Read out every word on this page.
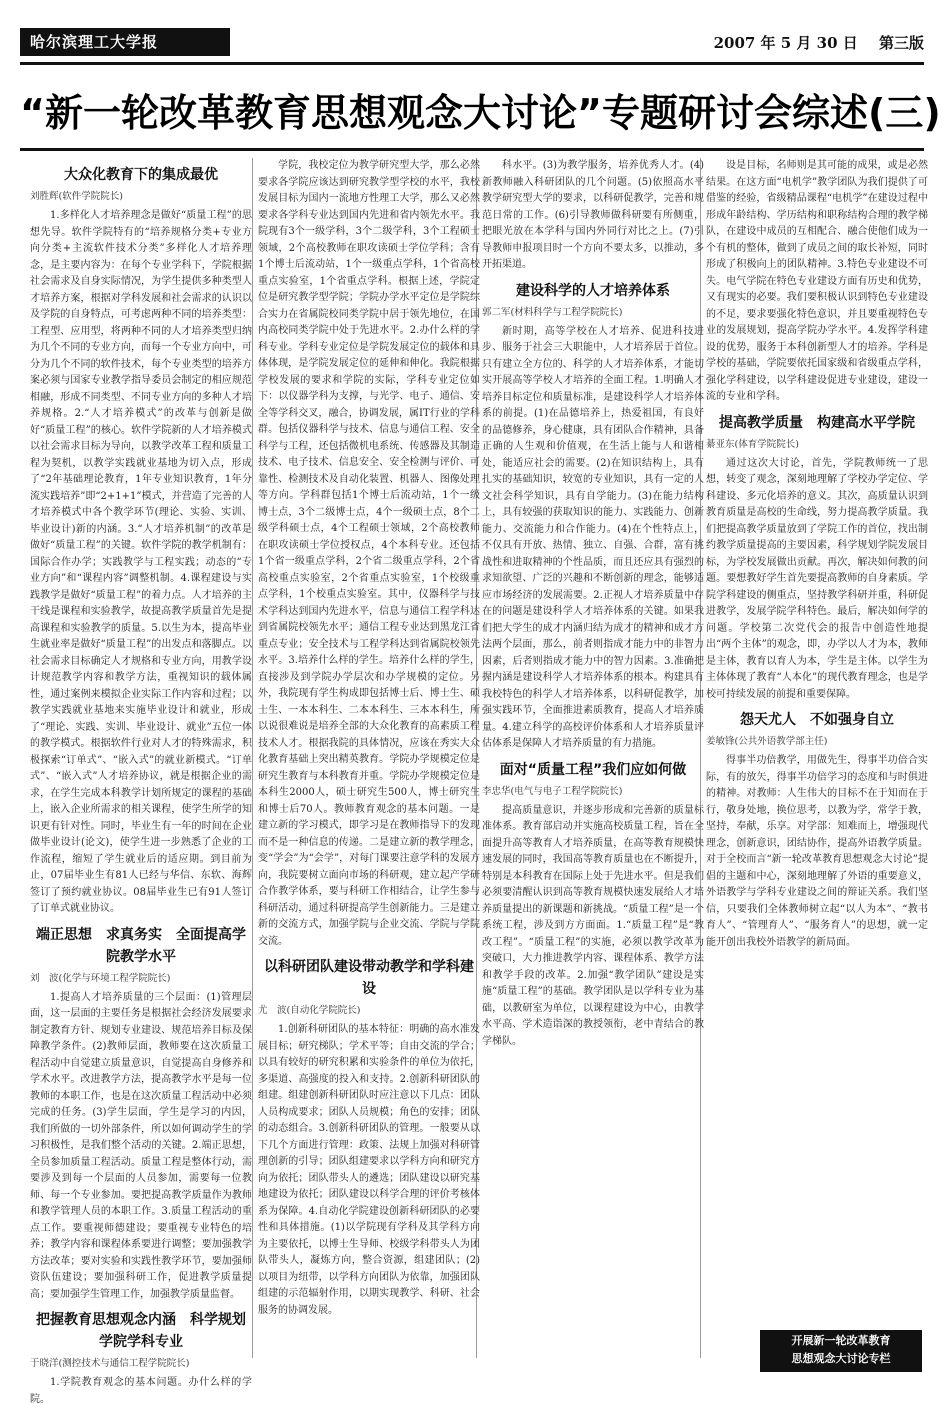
哈尔滨理工大学报	2007 年 5 月 30 日 第三版
“新一轮改革教育思想观念大讨论”专题研讨会综述(三)
大众化教育下的集成最优
刘胜辉(软件学院院长)

1.多样化人才培养理念是做好“质量工程”的思想先导。软件学院特有的“培养规格分类+专业方向分类+主流软件技术分类”多样化人才培养理念，是主要内容为：在每个专业学科下，学院根据社会需求及自身实际情况，为学生提供多种类型人才培养方案，根据对学科发展和社会需求的认识以及学院的自身特点，可考虑两种不同的培养类型：工程型、应用型，将两种不同的人才培养类型归纳为几个不同的专业方向，而每一个专业方向中，可分为几个不同的软件技术，每个专业类型的培养方案必须与国家专业教学指导委员会制定的相应规范相融，形成不同类型、不同专业方向的多种人才培养规格。2.“人才培养模式”的改革与创新是做好“质量工程”的核心。软件学院新的人才培养模式以社会需求目标为导向，以教学改革工程和质量工程为契机，以教学实践就业基地为切入点，形成了“2年基础理论教育，1年专业知识教育，1年分流实践培养”即“2+1+1”模式，并营造了完善的人才培养模式中各个教学环节(理论、实验、实训、毕业设计)新的内涵。3.“人才培养机制”的改革是做好“质量工程”的关键。软件学院的教学机制有：国际合作办学；实践教学与工程实践；动态的“专业方向”和“课程内容”调整机制。4.课程建设与实践教学是做好“质量工程”的着力点。人才培养的主干线是课程和实验教学，故提高教学质量首先是提高课程和实验教学的质量。5.以生为本，提高毕业生就业率是做好“质量工程”的出发点和落脚点。以社会需求目标确定人才规格和专业方向，用教学设计规范教学内容和教学方法，重视知识的载体属性，通过案例来模拟企业实际工作内容和过程；以教学实践就业基地来实施毕业设计和就业，形成了“理论、实践、实训、毕业设计、就业”五位一体的教学模式。根据软件行业对人才的特殊需求，积极探索“订单式”、“嵌入式”的就业新模式。“订单式”、“嵌入式”人才培养协议，就是根据企业的需求，在学生完成本科教学计划所规定的课程的基础上，嵌入企业所需求的相关课程，使学生所学的知识更有针对性。同时，毕业生有一年的时间在企业做毕业设计(论文)，使学生进一步熟悉了企业的工作流程，缩短了学生就业后的适应期。到目前为止，07届毕业生有81人已经与华信、东软、海辉签订了预约就业协议。08届毕业生已有91人签订了订单式就业协议。

端正思想　求真务实　全面提高学院教学水平
刘　波(化学与环境工程学院院长)

1.提高人才培养质量的三个层面：(1)管理层面，这一层面的主要任务是根据社会经济发展要求制定教育方针、规划专业建设、规范培养目标及保障教学条件。(2)教师层面，教师要在这次质量工程活动中自觉建立质量意识，自觉提高自身修养和学术水平。改进教学方法，提高教学水平是每一位教师的本职工作，也是在这次质量工程活动中必须完成的任务。(3)学生层面，学生是学习的内因，我们所做的一切外部条件，所以如何调动学生的学习积极性，是我们整个活动的关键。2.端正思想，全员参加质量工程活动。质量工程是整体行动，需要涉及到每一个层面的人员参加，需要每一位教师、每一个专业参加。要把提高教学质量作为教师和教学管理人员的本职工作。3.质量工程活动的重点工作。要重视师德建设；要重视专业特色的培养；教学内容和课程体系要进行调整；要加强教学方法改革；要对实验和实践性教学环节，要加强师资队伍建设；要加强科研工作，促进教学质量提高；要加强学生管理工作，加强教学质量监督。

把握教育思想观念内涵　科学规划学院学科专业
于晓洋(测控技术与通信工程学院院长)

1.学院教育观念的基本问题。办什么样的学院。

学院，我校定位为教学研究型大学，那么必然要求各学院应该达到研究教学型学校的水平，我校发展目标为国内一流地方性理工大学，那么又必然要求各学科专业达到国内先进和省内领先水平。我院现有3个一级学科，3个二级学科，3个工程硕士领域，2个高校教师在职攻读硕士学位学科；含有1个博士后流动站，1个一级重点学科，1个省高校重点实验室，1个省重点学科。根据上述，学院定位是研究教学型学院；学院办学水平定位是学院综合实力在省属院校同类学院中居于领先地位，在国内高校同类学院中处于先进水平。2.办什么样的学科专业。学科专业定位是学院发展定位的载体和具体体现，是学院发展定位的延伸和伸化。我院根据学校发展的要求和学院的实际，学科专业定位如下：以仪器学科为支撑，与光学、电子、通信、安全等学科交叉，融合，协调发展，属IT行业的学科群。包括仪器科学与技术、信息与通信工程、安全科学与工程，还包括微机电系统、传感器及其制造技术、电子技术、信息安全、安全检测与评价、可靠性、检测技术及自动化装置、机器人、图像处理等方向。学科群包括1个博士后流动站，1个一级博士点，3个二级博士点，4个一级硕士点，8个二级学科硕士点，4个工程硕士领域，2个高校教师在职攻读硕士学位授权点，4个本科专业。还包括1个省一级重点学科，2个省二级重点学科，2个省高校重点实验室，2个省重点实验室，1个校级重点学科，1个校重点实验室。其中，仪器科学与技术学科达到国内先进水平，信息与通信工程学科达到省属院校领先水平；通信工程专业达到黑龙江省重点专业；安全技术与工程学科达到省属院校领先水平。3.培养什么样的学生。培养什么样的学生，直接涉及到学院办学层次和办学规模的定位。另外，我院现有学生构成即包括博士后、博士生、硕士生、一本本科生、二本本科生、三本本科生，所以说很难说是培养全部的大众化教育的高素质工程技术人才。根据我院的具体情况，应该在秀实大众化教育基础上突出精英教育。学院办学规模定位是研究生教育与本科教育并重。学院办学规模定位是本科生2000人，硕士研究生500人，博士研究生和博士后70人。教师教育观念的基本问题。一是建立新的学习模式，即学习是在教师指导下的发现而不是一种信息的传递。二是建立新的教学理念，变“学会”为“会学”，对每门课要注意学科的发展方向，我院要树立面向市场的科研观，建立起产学研合作教学体系，要与科研工作相结合，让学生参与科研活动，通过科研提高学生创新能力。三是建立新的交流方式，加强学院与企业交流、学院与学院交流。

以科研团队建设带动教学和学科建设
尤　波(自动化学院院长)

1.创新科研团队的基本特征：明确的高水准发展目标；研究梯队；学术平等；自由交流的学合；以具有较好的研究积累和实验条件的单位为依托，多渠道、高强度的投入和支持。2.创新科研团队的组建。组建创新科研团队时应注意以下几点：团队人员构成要求；团队人员规模；角色的安排；团队的动态组合。3.创新科研团队的管理。一般要从以下几个方面进行管理：政策、法规上加强对科研管理创新的引导；团队组建要求以学科方向和研究方向为依托；团队带头人的遴选；团队建设以研究基地建设为依托；团队建设以科学合理的评价考核体系为保障。4.自动化学院建设创新科研团队的必要性和具体措施。(1)以学院现有学科及其学科方向为主要依托，以博士生导师、校级学科带头人为团队带头人，凝炼方向，整合资源，组建团队；(2)以项目为纽带，以学科方向团队为依靠，加强团队组建的示范辐射作用，以期实现教学、科研、社会服务的协调发展。

科水平。(3)为教学服务，培养优秀人才。(4)新教师融入科研团队的几个问题。(5)依照高水平教学研究型大学的要求，以科研促教学，完善和规范日常的工作。(6)引导教师做科研要有所侧重，把眼光放在本学科与国内外同行对比之上。(7)引导教师申报项目时一个方向不要太多，以推动，多开拓渠道。

建设科学的人才培养体系
郭二军(材料科学与工程学院院长)

新时期，高等学校在人才培养、促进科技进步、服务于社会三大职能中，人才培养居于首位。只有建立全方位的、科学的人才培养体系，才能切实开展高等学校人才培养的全面工程。1.明确人才培养目标定位和质量标准，是建设科学人才培养体系的前提。(1)在品德培养上，热爱祖国，有良好的品德修养，身心健康，具有团队合作精神，具备正确的人生观和价值观，在生活上能与人和谐相处，能适应社会的需要。(2)在知识结构上，具有扎实的基础知识，较宽的专业知识，具有一定的人文社会科学知识，具有自学能力。(3)在能力结构上，具有较强的获取知识的能力、实践能力、创新能力、交流能力和合作能力。(4)在个性特点上，不仅具有开放、热情、独立、自强、合群，富有挑战性和进取精神的个性品质，而且还应具有强烈的求知欲望、广泛的兴趣和不断创新的理念，能够适应市场经济的发展需要。2.正视人才培养质量中存在的问题是建设科学人才培养体系的关键。如果我们把大学生的成才内涵归结为成才的精神和成才方法两个层面，那么，前者则指成才能力中的非智力因素，后者则指成才能力中的智力因素。3.准确把握内涵是建设科学人才培养体系的根本。构建具有我校特色的科学人才培养体系，以科研促教学，加强实践环节，全面推进素质教育，提高人才培养质量。4.建立科学的高校评价体系和人才培养质量评估体系是保障人才培养质量的有力措施。

面对“质量工程”我们应如何做
李忠华(电气与电子工程学院院长)

提高质量意识，并逐步形成和完善新的质量标准体系。教育部启动并实施高校质量工程，旨在全面提升高等教育人才培养质量，在高等教育规模快速发展的同时，我国高等教育质量也在不断提升，特别是本科教育在国际上处于先进水平。但是我们必须要清醒认识到高等教育规模快速发展给人才培养质量提出的新课题和新挑战。“质量工程”是一个系统工程，涉及到方方面面。1.“质量工程”是“教改工程”。“质量工程”的实施，必须以教学改革为突破口，大力推进教学内容、课程体系、教学方法和教学手段的改革。2.加强“教学团队”建设是实施“质量工程”的基础。教学团队是以学科专业为基础，以教研室为单位，以课程建设为中心，由教学水平高、学术造诣深的教授领衔，老中青结合的教学梯队。

设是目标，名师则是其可能的成果，或是必然结果。在这方面“电机学”教学团队为我们提供了可借鉴的经验，省级精品课程“电机学”在建设过程中形成年龄结构、学历结构和职称结构合理的教学梯队，在建设中成员的互相配合、融合使他们成为一个有机的整体，做到了成员之间的取长补短，同时形成了积极向上的团队精神。3.特色专业建设不可失。电气学院在特色专业建设方面有历史和优势，又有现实的必要。我们要积极认识到特色专业建设的不足，要求要强化特色意识，并且要重视特色专业的发展规划，提高学院办学水平。4.发挥学科建设的优势，服务于本科创新型人才的培养。学科是学校的基础，学院要依托国家级和省级重点学科，强化学科建设，以学科建设促进专业建设，建设一流的专业和学科。

提高教学质量　构建高水平学院
綦亚东(体育学院院长)

通过这次大讨论，首先，学院教师统一了思想，转变了观念，深刻地理解了学校办学定位、学科建设、多元化培养的意义。其次，高质量认识到教育质量是高校的生命线，努力提高教学质量。我们把提高教学质量放到了学院工作的首位，找出制约教学质量提高的主要因素，科学规划学院发展目标，为学校发展做出贡献。再次，解决如何教的问题。要想教好学生首先要提高教师的自身素质。学院学科建设的侧重点，坚持教学科研并重，科研促进教学，发展学院学科特色。最后，解决如何学的问题。学校第二次党代会的报告中创造性地提出“两个主体”的观念，即，办学以人才为本，教师是主体，教育以育人为本，学生是主体。以学生为主体体现了教育“人本化”的现代教育理念，也是学校可持续发展的前提和重要保障。

怨天尤人　不如强身自立
姜敏锋(公共外语教学部主任)

得事半功倍教学，用做先生，得事半功倍合实际，有的放矢，得事半功倍学习的态度和与时俱进的精神。对教师：人生伟大的目标不在于知而在于行，敬身处地，换位思考，以教为学，常学于教，坚持，奉献，乐享。对学部：知难而上，增强现代理念，创新意识，团结协作，提高外语教学质量。对于全校而言“新一轮改革教育思想观念大讨论”提倡的主题和中心，深刻地理解了外语的重要意义，外语教学与学科专业建设之间的辩证关系。我们坚信，只要我们全体教师树立起“以人为本”、“教书育人”、“管理育人”、“服务育人”的思想，就一定能开创出我校外语教学的新局面。

开展新一轮改革教育
思想观念大讨论专栏
